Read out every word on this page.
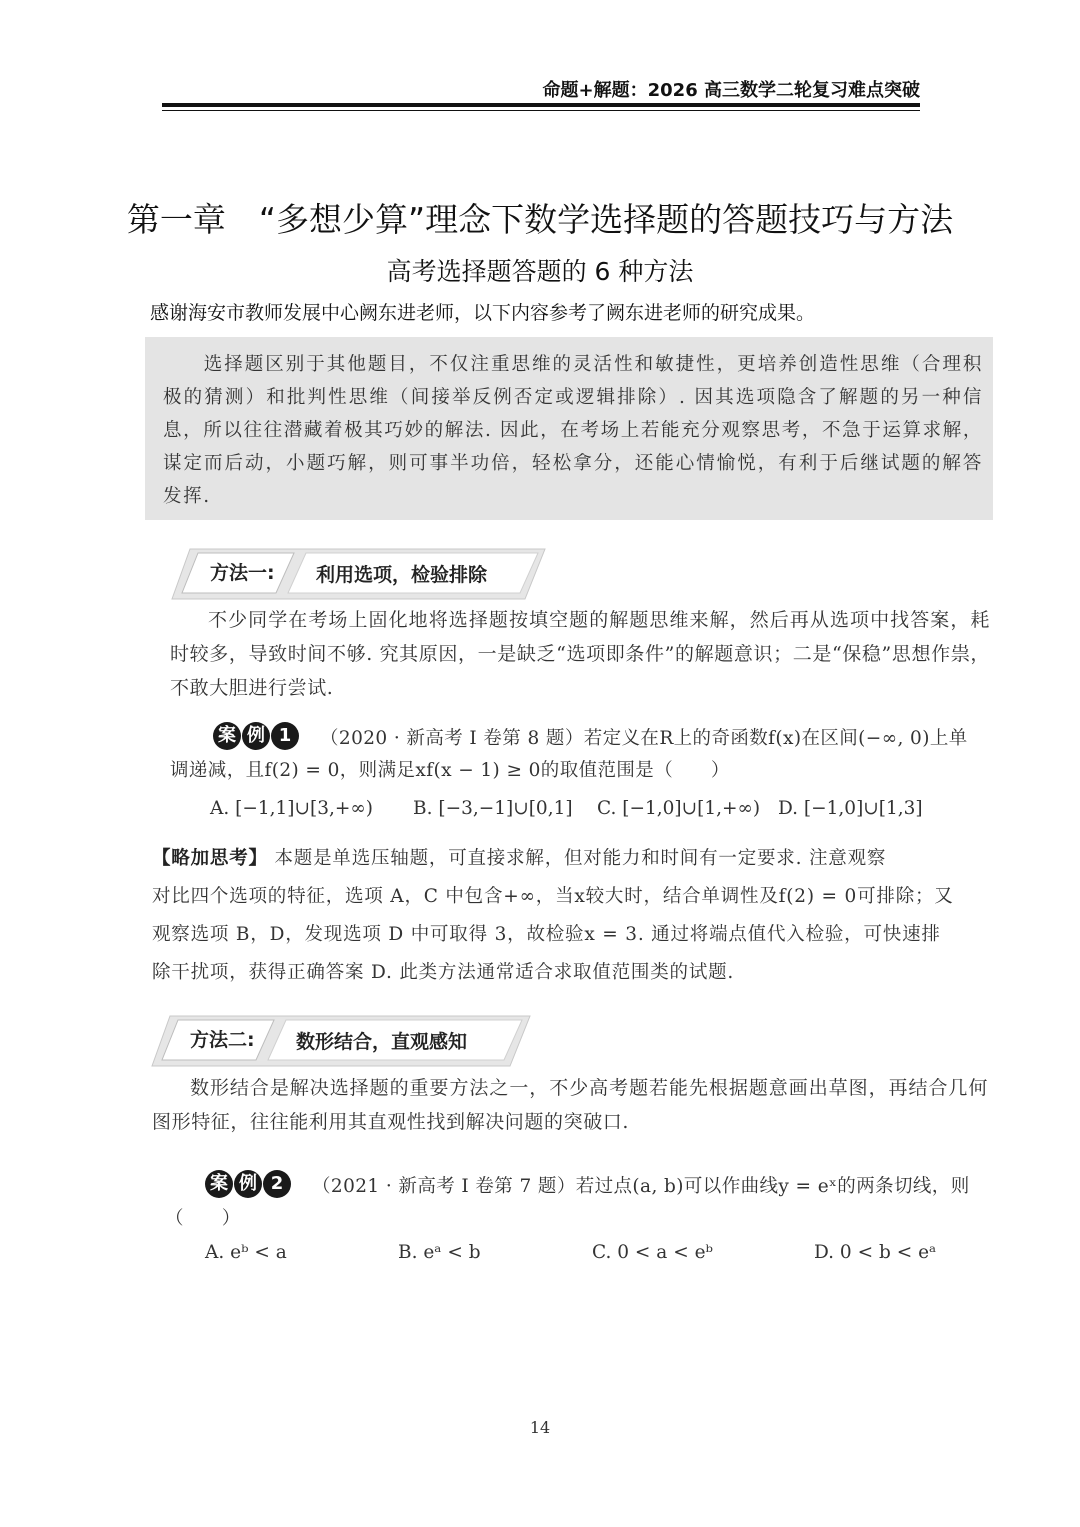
命题+解题：2026 高三数学二轮复习难点突破
第一章　“多想少算”理念下数学选择题的答题技巧与方法
高考选择题答题的 6 种方法
感谢海安市教师发展中心阙东进老师，以下内容参考了阙东进老师的研究成果。
选择题区别于其他题目，不仅注重思维的灵活性和敏捷性，更培养创造性思维（合理积极的猜测）和批判性思维（间接举反例否定或逻辑排除）. 因其选项隐含了解题的另一种信息，所以往往潜藏着极其巧妙的解法. 因此，在考场上若能充分观察思考，不急于运算求解，谋定而后动，小题巧解，则可事半功倍，轻松拿分，还能心情愉悦，有利于后继试题的解答发挥.
方法一: 利用选项，检验排除
不少同学在考场上固化地将选择题按填空题的解题思维来解，然后再从选项中找答案，耗时较多，导致时间不够. 究其原因，一是缺乏“选项即条件”的解题意识；二是“保稳”思想作祟，不敢大胆进行尝试.
案 例 1	（2020 · 新高考 I 卷第 8 题）若定义在R上的奇函数f(x)在区间(−∞, 0)上单
调递减，且f(2) = 0，则满足xf(x − 1) ≥ 0的取值范围是（　　）
A. [−1,1]∪[3,+∞) B. [−3,−1]∪[0,1] C. [−1,0]∪[1,+∞) D. [−1,0]∪[1,3]
【略加思考】 本题是单选压轴题，可直接求解，但对能力和时间有一定要求. 注意观察
对比四个选项的特征，选项 A，C 中包含+∞，当x较大时，结合单调性及f(2) = 0可排除；又
观察选项 B，D，发现选项 D 中可取得 3，故检验x = 3. 通过将端点值代入检验，可快速排
除干扰项，获得正确答案 D. 此类方法通常适合求取值范围类的试题.
方法二: 数形结合，直观感知
数形结合是解决选择题的重要方法之一，不少高考题若能先根据题意画出草图，再结合几何图形特征，往往能利用其直观性找到解决问题的突破口.
案 例 2	（2021 · 新高考 I 卷第 7 题）若过点(a, b)可以作曲线y = eˣ的两条切线，则
（　　）
A. eᵇ < a	B. eᵃ < b	C. 0 < a < eᵇ	D. 0 < b < eᵃ
14
